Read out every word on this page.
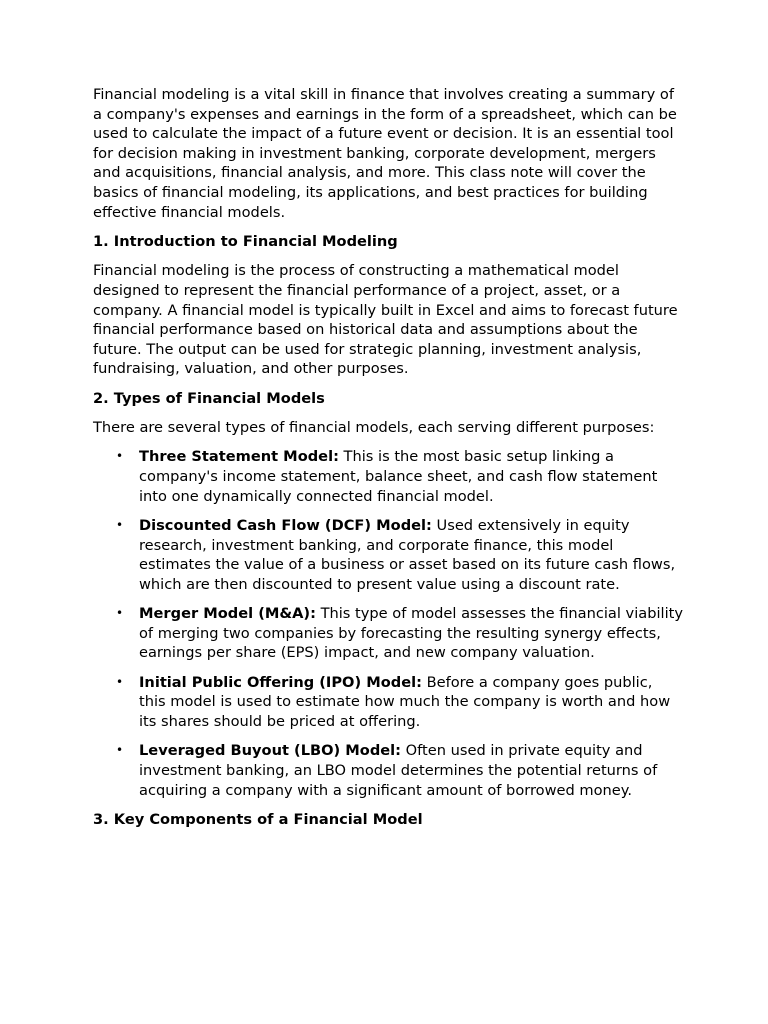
Financial modeling is a vital skill in finance that involves creating a summary of a company's expenses and earnings in the form of a spreadsheet, which can be used to calculate the impact of a future event or decision. It is an essential tool for decision making in investment banking, corporate development, mergers and acquisitions, financial analysis, and more. This class note will cover the basics of financial modeling, its applications, and best practices for building effective financial models.

1. Introduction to Financial Modeling

Financial modeling is the process of constructing a mathematical model designed to represent the financial performance of a project, asset, or a company. A financial model is typically built in Excel and aims to forecast future financial performance based on historical data and assumptions about the future. The output can be used for strategic planning, investment analysis, fundraising, valuation, and other purposes.

2. Types of Financial Models

There are several types of financial models, each serving different purposes:

• Three Statement Model: This is the most basic setup linking a company's income statement, balance sheet, and cash flow statement into one dynamically connected financial model.
• Discounted Cash Flow (DCF) Model: Used extensively in equity research, investment banking, and corporate finance, this model estimates the value of a business or asset based on its future cash flows, which are then discounted to present value using a discount rate.
• Merger Model (M&A): This type of model assesses the financial viability of merging two companies by forecasting the resulting synergy effects, earnings per share (EPS) impact, and new company valuation.
• Initial Public Offering (IPO) Model: Before a company goes public, this model is used to estimate how much the company is worth and how its shares should be priced at offering.
• Leveraged Buyout (LBO) Model: Often used in private equity and investment banking, an LBO model determines the potential returns of acquiring a company with a significant amount of borrowed money.
3. Key Components of a Financial Model
